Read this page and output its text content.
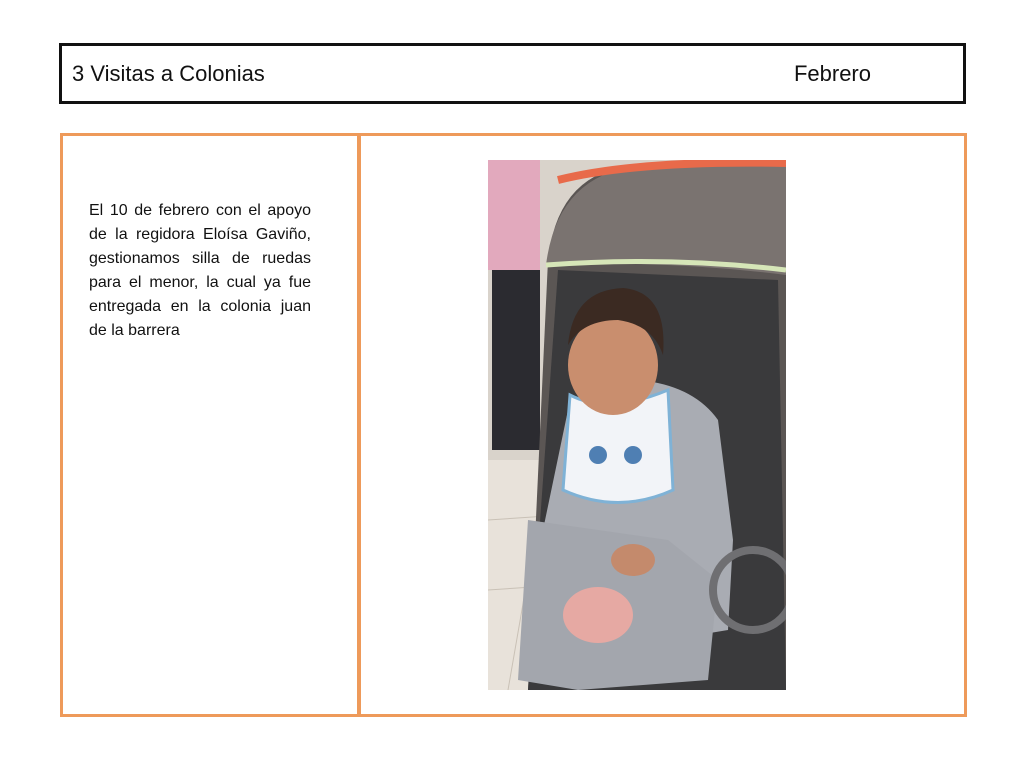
3 Visitas a Colonias	Febrero
El 10 de febrero con el apoyo de la regidora Eloísa Gaviño, gestionamos silla de ruedas para el menor, la cual ya fue entregada en la colonia juan de la barrera
